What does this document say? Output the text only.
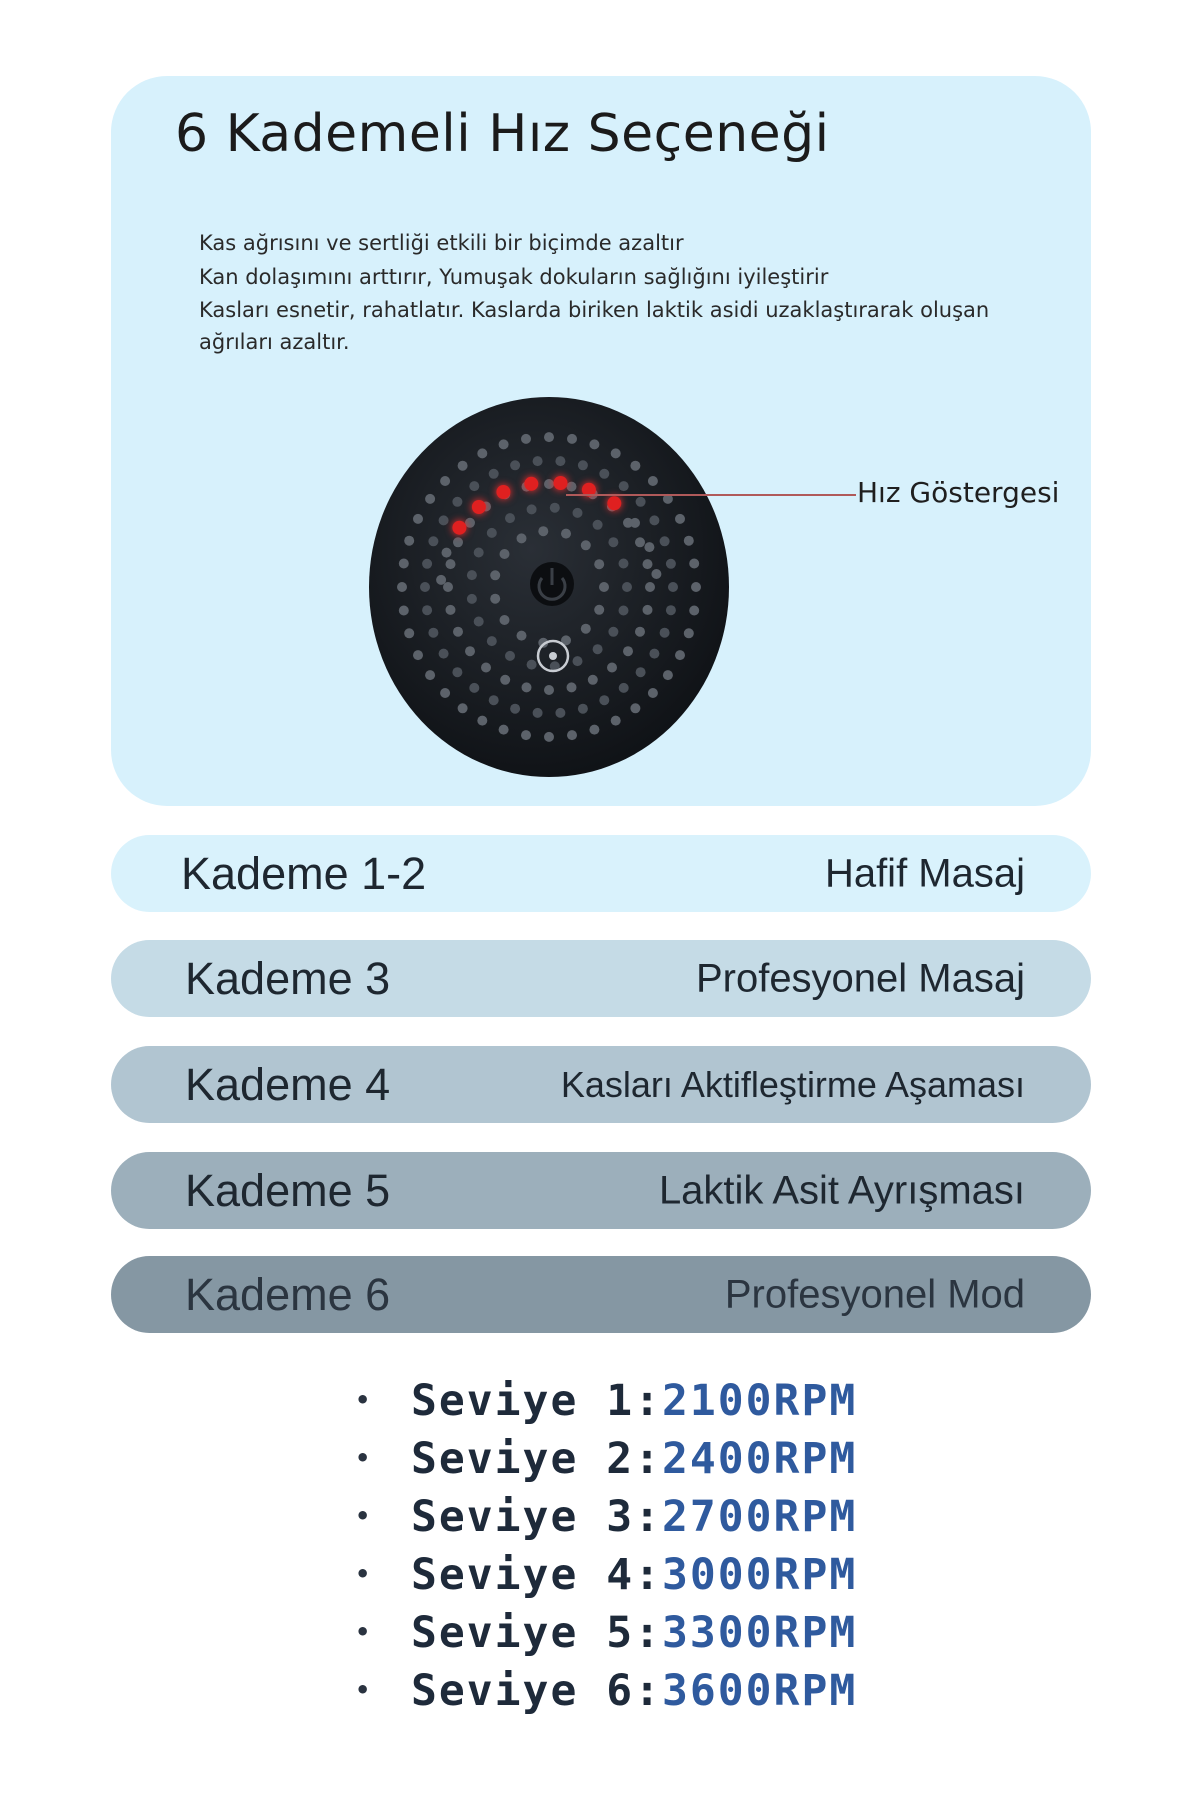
6 Kademeli Hız Seçeneği
Kas ağrısını ve sertliği etkili bir biçimde azaltır
Kan dolaşımını arttırır, Yumuşak dokuların sağlığını iyileştirir
Kasları esnetir, rahatlatır. Kaslarda biriken laktik asidi uzaklaştırarak oluşan
ağrıları azaltır.
Hız Göstergesi
Kademe 1-2	Hafif Masaj
Kademe 3	Profesyonel Masaj
Kademe 4	Kasları Aktifleştirme Aşaması
Kademe 5	Laktik Asit Ayrışması
Kademe 6	Profesyonel Mod
• Seviye 1:2100RPM
• Seviye 2:2400RPM
• Seviye 3:2700RPM
• Seviye 4:3000RPM
• Seviye 5:3300RPM
• Seviye 6:3600RPM
